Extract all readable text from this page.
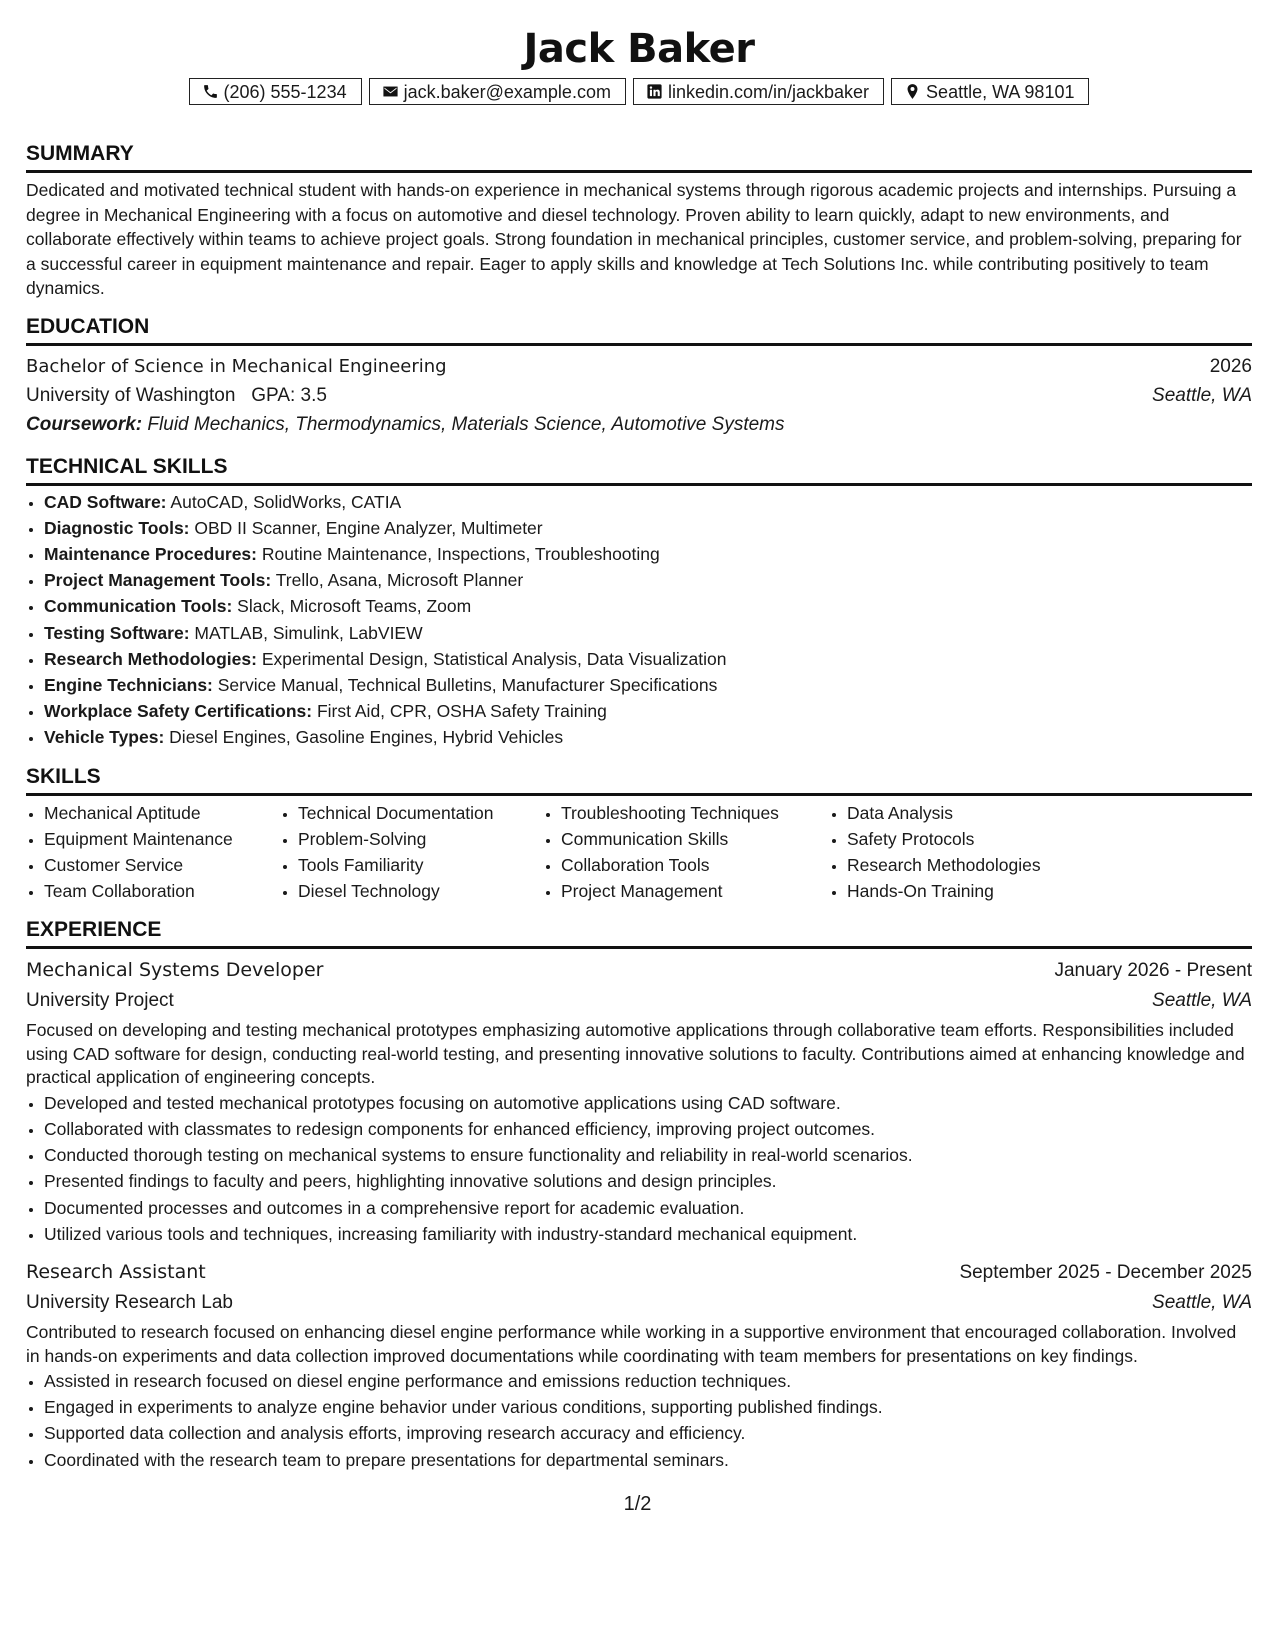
Jack Baker
(206) 555-1234	jack.baker@example.com	linkedin.com/in/jackbaker	Seattle, WA 98101
SUMMARY
Dedicated and motivated technical student with hands-on experience in mechanical systems through rigorous academic projects and internships. Pursuing a degree in Mechanical Engineering with a focus on automotive and diesel technology. Proven ability to learn quickly, adapt to new environments, and collaborate effectively within teams to achieve project goals. Strong foundation in mechanical principles, customer service, and problem-solving, preparing for a successful career in equipment maintenance and repair. Eager to apply skills and knowledge at Tech Solutions Inc. while contributing positively to team dynamics.
EDUCATION
Bachelor of Science in Mechanical Engineering	2026
University of Washington GPA: 3.5	Seattle, WA
Coursework: Fluid Mechanics, Thermodynamics, Materials Science, Automotive Systems
TECHNICAL SKILLS
• CAD Software: AutoCAD, SolidWorks, CATIA
• Diagnostic Tools: OBD II Scanner, Engine Analyzer, Multimeter
• Maintenance Procedures: Routine Maintenance, Inspections, Troubleshooting
• Project Management Tools: Trello, Asana, Microsoft Planner
• Communication Tools: Slack, Microsoft Teams, Zoom
• Testing Software: MATLAB, Simulink, LabVIEW
• Research Methodologies: Experimental Design, Statistical Analysis, Data Visualization
• Engine Technicians: Service Manual, Technical Bulletins, Manufacturer Specifications
• Workplace Safety Certifications: First Aid, CPR, OSHA Safety Training
• Vehicle Types: Diesel Engines, Gasoline Engines, Hybrid Vehicles
SKILLS
• Mechanical Aptitude
• Equipment Maintenance
• Customer Service
• Team Collaboration
• Technical Documentation
• Problem-Solving
• Tools Familiarity
• Diesel Technology
• Troubleshooting Techniques
• Communication Skills
• Collaboration Tools
• Project Management
• Data Analysis
• Safety Protocols
• Research Methodologies
• Hands-On Training
EXPERIENCE
Mechanical Systems Developer	January 2026 - Present
University Project	Seattle, WA
Focused on developing and testing mechanical prototypes emphasizing automotive applications through collaborative team efforts. Responsibilities included using CAD software for design, conducting real-world testing, and presenting innovative solutions to faculty. Contributions aimed at enhancing knowledge and practical application of engineering concepts.
• Developed and tested mechanical prototypes focusing on automotive applications using CAD software.
• Collaborated with classmates to redesign components for enhanced efficiency, improving project outcomes.
• Conducted thorough testing on mechanical systems to ensure functionality and reliability in real-world scenarios.
• Presented findings to faculty and peers, highlighting innovative solutions and design principles.
• Documented processes and outcomes in a comprehensive report for academic evaluation.
• Utilized various tools and techniques, increasing familiarity with industry-standard mechanical equipment.
Research Assistant	September 2025 - December 2025
University Research Lab	Seattle, WA
Contributed to research focused on enhancing diesel engine performance while working in a supportive environment that encouraged collaboration. Involved in hands-on experiments and data collection improved documentations while coordinating with team members for presentations on key findings.
• Assisted in research focused on diesel engine performance and emissions reduction techniques.
• Engaged in experiments to analyze engine behavior under various conditions, supporting published findings.
• Supported data collection and analysis efforts, improving research accuracy and efficiency.
• Coordinated with the research team to prepare presentations for departmental seminars.
1/2
